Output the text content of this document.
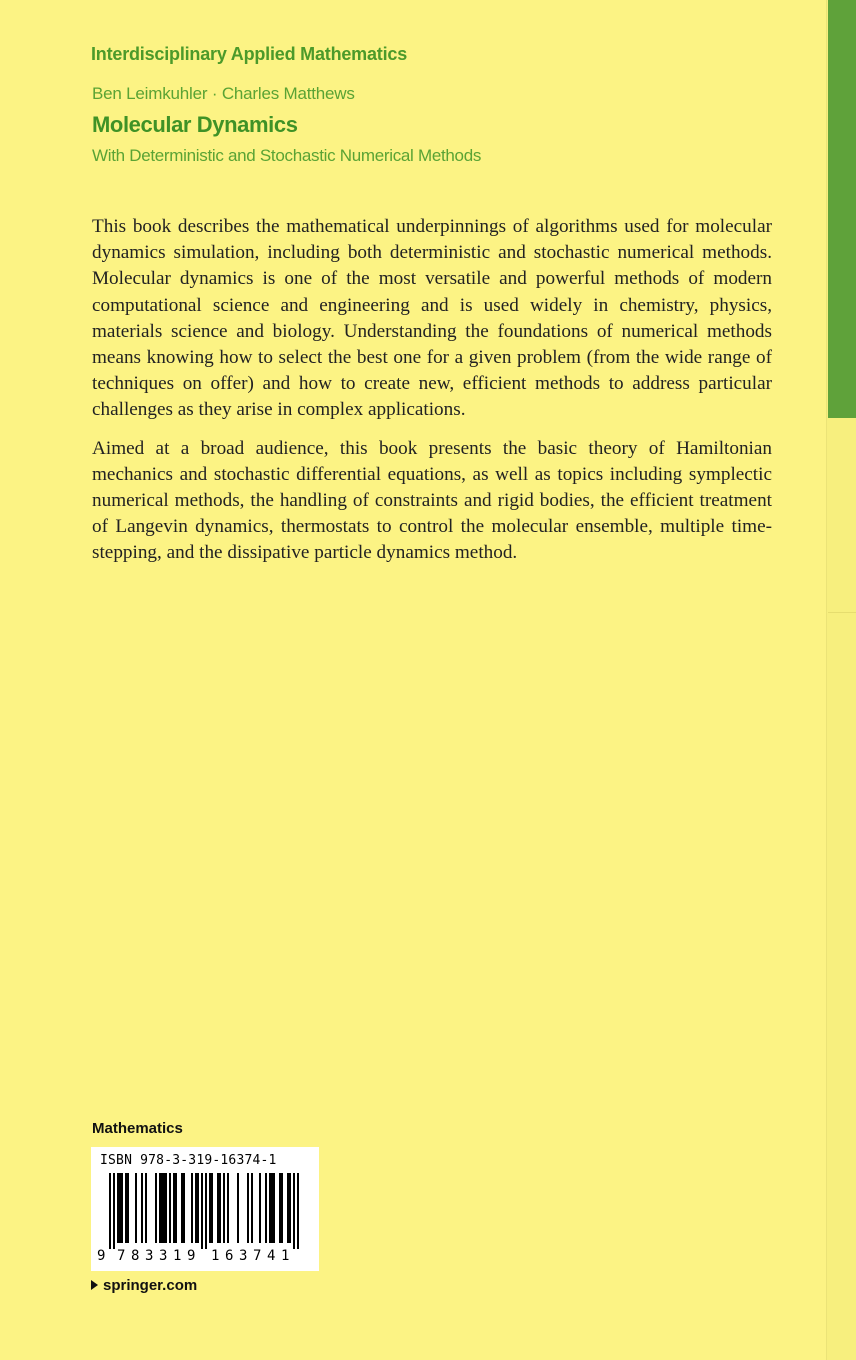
Interdisciplinary Applied Mathematics
Ben Leimkuhler · Charles Matthews
Molecular Dynamics
With Deterministic and Stochastic Numerical Methods

This book describes the mathematical underpinnings of algorithms used for molecular dynamics simulation, including both deterministic and stochastic numerical methods. Molecular dynamics is one of the most versatile and powerful methods of modern computational science and engineering and is used widely in chemistry, physics, materials science and biology. Understanding the foundations of numerical methods means knowing how to select the best one for a given problem (from the wide range of techniques on offer) and how to create new, efficient methods to address particular challenges as they arise in complex applications.

Aimed at a broad audience, this book presents the basic theory of Hamiltonian mechanics and stochastic differential equations, as well as topics including symplectic numerical methods, the handling of constraints and rigid bodies, the efficient treatment of Langevin dynamics, thermostats to control the molecular ensemble, multiple time-stepping, and the dissipative particle dynamics method.

Mathematics
ISBN 978-3-319-16374-1
9 7 8 3 3 1 9 1 6 3 7 4 1
springer.com
